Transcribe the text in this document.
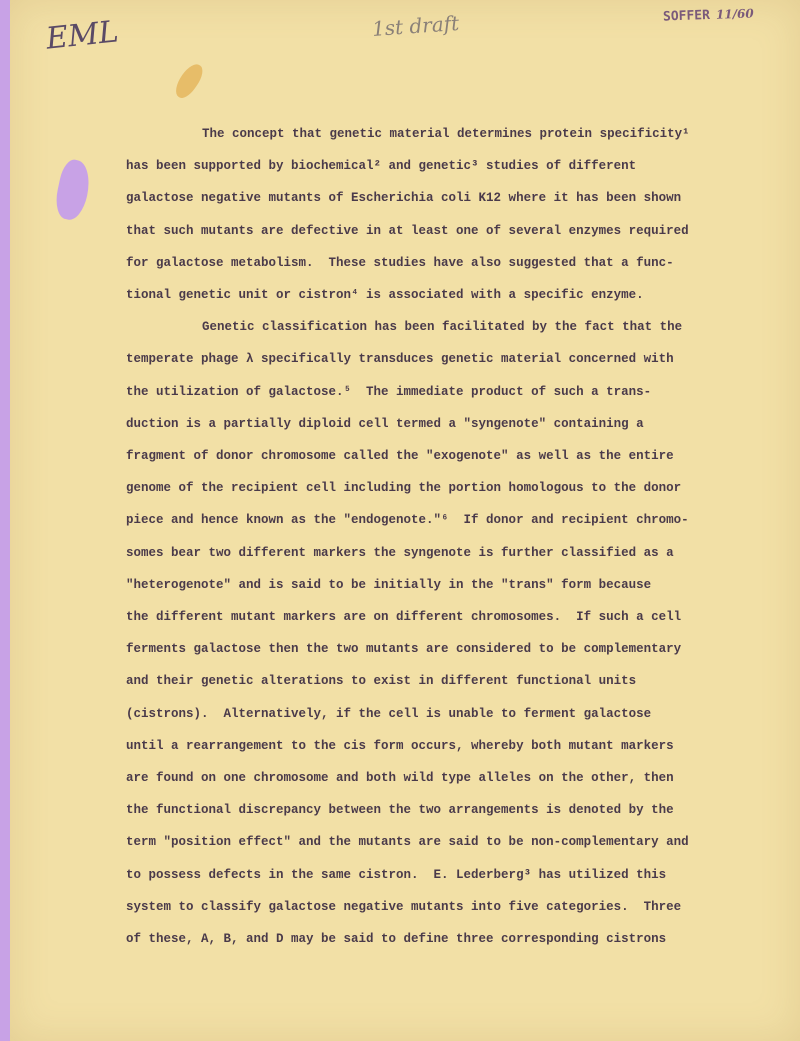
EML	1st draft	SOFFER 11/60

The concept that genetic material determines protein specificity¹

has been supported by biochemical² and genetic³ studies of different

galactose negative mutants of Escherichia coli K12 where it has been shown

that such mutants are defective in at least one of several enzymes required

for galactose metabolism.  These studies have also suggested that a func-

tional genetic unit or cistron⁴ is associated with a specific enzyme.

Genetic classification has been facilitated by the fact that the

temperate phage λ specifically transduces genetic material concerned with

the utilization of galactose.⁵  The immediate product of such a trans-

duction is a partially diploid cell termed a "syngenote" containing a

fragment of donor chromosome called the "exogenote" as well as the entire

genome of the recipient cell including the portion homologous to the donor

piece and hence known as the "endogenote."⁶  If donor and recipient chromo-

somes bear two different markers the syngenote is further classified as a

"heterogenote" and is said to be initially in the "trans" form because

the different mutant markers are on different chromosomes.  If such a cell

ferments galactose then the two mutants are considered to be complementary

and their genetic alterations to exist in different functional units

(cistrons).  Alternatively, if the cell is unable to ferment galactose

until a rearrangement to the cis form occurs, whereby both mutant markers

are found on one chromosome and both wild type alleles on the other, then

the functional discrepancy between the two arrangements is denoted by the

term "position effect" and the mutants are said to be non-complementary and

to possess defects in the same cistron.  E. Lederberg³ has utilized this

system to classify galactose negative mutants into five categories.  Three

of these, A, B, and D may be said to define three corresponding cistrons
